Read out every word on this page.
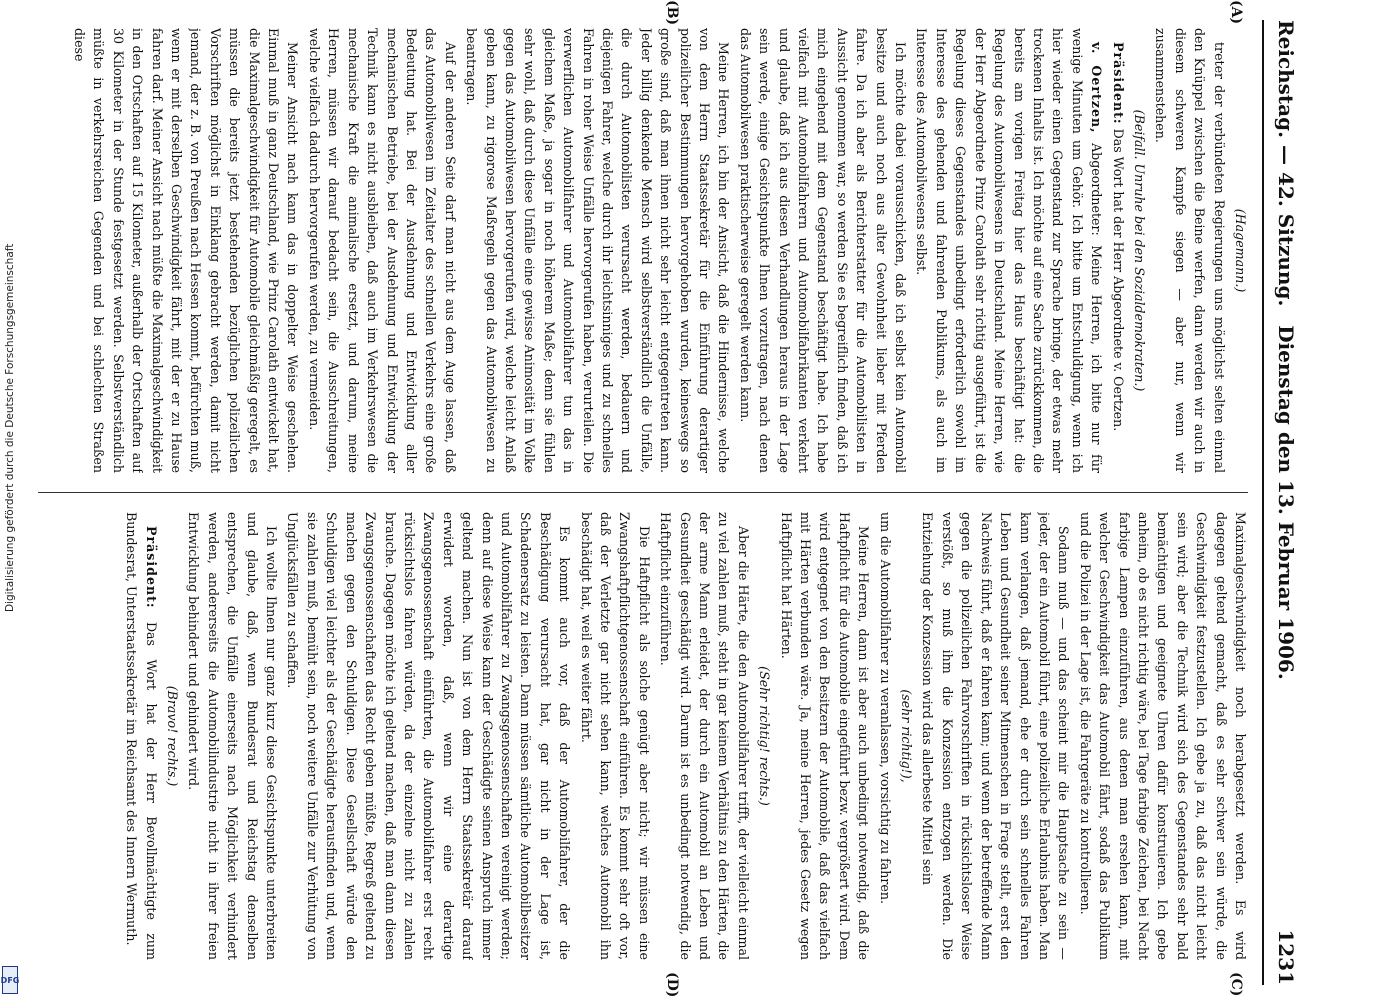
Reichstag. — 42. Sitzung.
Dienstag den 13. Februar 1906.
1231
(A)
(B)
(C)
(D)

(Hagemann.)

treter der verbündeten Regierungen uns möglichst selten einmal den Knüppel zwischen die Beine werfen, dann werden wir auch in diesem schweren Kampfe siegen — aber nur, wenn wir zusammenstehen.

(Beifall. Unruhe bei den Sozialdemokraten.)

Präsident: Das Wort hat der Herr Abgeordnete v. Oertzen.

v. Oertzen, Abgeordneter: Meine Herren, ich bitte nur für wenige Minuten um Gehör. Ich bitte um Entschuldigung, wenn ich hier wieder einen Gegenstand zur Sprache bringe, der etwas mehr trockenen Inhalts ist. Ich möchte auf eine Sache zurückkommen, die bereits am vorigen Freitag hier das Haus beschäftigt hat: die Regelung des Automobilwesens in Deutschland. Meine Herren, wie der Herr Abgeordnete Prinz Carolath sehr richtig ausgeführt, ist die Regelung dieses Gegenstandes unbedingt erforderlich sowohl im Interesse des gehenden und fahrenden Publikums, als auch im Interesse des Automobilwesens selbst.

Ich möchte dabei vorausschicken, daß ich selbst kein Automobil besitze und auch noch aus alter Gewohnheit lieber mit Pferden fahre. Da ich aber als Berichterstatter für die Automobilisten in Aussicht genommen war, so werden Sie es begreiflich finden, daß ich mich eingehend mit dem Gegenstand beschäftigt habe. Ich habe vielfach mit Automobilfahrern und Automobilfabrikanten verkehrt und glaube, daß ich aus diesen Verhandlungen heraus in der Lage sein werde, einige Gesichtspunkte Ihnen vorzutragen, nach denen das Automobilwesen praktischerweise geregelt werden kann.

Meine Herren, ich bin der Ansicht, daß die Hindernisse, welche von dem Herrn Staatssekretär für die Einführung derartiger polizeilicher Bestimmungen hervorgehoben wurden, keineswegs so große sind, daß man ihnen nicht sehr leicht entgegentreten kann. Jeder billig denkende Mensch wird selbstverständlich die Unfälle, die durch Automobilisten verursacht werden, bedauern und diejenigen Fahrer, welche durch ihr leichtsinniges und zu schnelles Fahren in roher Weise Unfälle hervorgerufen haben, verurteilen. Die verwerflichen Automobilfahrer und Automobilfahrer tun das in gleichem Maße, ja sogar in noch höherem Maße; denn sie fühlen sehr wohl, daß durch diese Unfälle eine gewisse Animosität im Volke gegen das Automobilwesen hervorgerufen wird, welche leicht Anlaß geben kann, zu rigorose Maßregeln gegen das Automobilwesen zu beantragen.

Auf der anderen Seite darf man nicht aus dem Auge lassen, daß das Automobilwesen im Zeitalter des schnellen Verkehrs eine große Bedeutung hat. Bei der Ausdehnung und Entwicklung aller mechanischen Betriebe, bei der Ausdehnung und Entwicklung der Technik kann es nicht ausbleiben, daß auch im Verkehrswesen die mechanische Kraft die animalische ersetzt, und darum, meine Herren, müssen wir darauf bedacht sein, die Ausschreitungen, welche vielfach dadurch hervorgerufen werden, zu vermeiden.

Meiner Ansicht nach kann das in doppelter Weise geschehen. Einmal muß in ganz Deutschland, wie Prinz Carolath entwickelt hat, die Maximalgeschwindigkeit für Automobile gleichmäßig geregelt, es müssen die bereits jetzt bestehenden bezüglichen polizeilichen Vorschriften möglichst in Einklang gebracht werden, damit nicht jemand, der z. B. von Preußen nach Hessen kommt, befürchten muß, wenn er mit derselben Geschwindigkeit fährt, mit der er zu Hause fahren darf. Meiner Ansicht nach müßte die Maximalgeschwindigkeit in den Ortschaften auf 15 Kilometer, außerhalb der Ortschaften auf 30 Kilometer in der Stunde festgesetzt werden. Selbstverständlich müßte in verkehrsreichen Gegenden und bei schlechten Straßen diese

Maximalgeschwindigkeit noch herabgesetzt werden. Es wird dagegen geltend gemacht, daß es sehr schwer sein würde, die Geschwindigkeit festzustellen. Ich gebe ja zu, daß das nicht leicht sein wird; aber die Technik wird sich des Gegenstandes sehr bald bemächtigen und geeignete Uhren dafür konstruieren. Ich gebe anheim, ob es nicht richtig wäre, bei Tage farbige Zeichen, bei Nacht farbige Lampen einzuführen, aus denen man ersehen kann, mit welcher Geschwindigkeit das Automobil fährt, sodaß das Publikum und die Polizei in der Lage ist, die Fahrgeräte zu kontrollieren.

Sodann muß — und das scheint mir die Hauptsache zu sein — jeder, der ein Automobil führt, eine polizeiliche Erlaubnis haben. Man kann verlangen, daß jemand, ehe er durch sein schnelles Fahren Leben und Gesundheit seiner Mitmenschen in Frage stellt, erst den Nachweis führt, daß er fahren kann; und wenn der betreffende Mann gegen die polizeilichen Fahrvorschriften in rücksichtsloser Weise verstößt, so muß ihm die Konzession entzogen werden. Die Entziehung der Konzession wird das allerbeste Mittel sein

(sehr richtig!),

um die Automobilfahrer zu veranlassen, vorsichtig zu fahren.

Meine Herren, dann ist aber auch unbedingt notwendig, daß die Haftpflicht für die Automobile eingeführt bezw. vergrößert wird. Dem wird entgegnet von den Besitzern der Automobile, daß das vielfach mit Härten verbunden wäre. Ja, meine Herren, jedes Gesetz wegen Haftpflicht hat Härten.

(Sehr richtig! rechts.)

Aber die Härte, die den Automobilfahrer trifft, der vielleicht einmal zu viel zahlen muß, steht in gar keinem Verhältnis zu den Härten, die der arme Mann erleidet, der durch ein Automobil an Leben und Gesundheit geschädigt wird. Darum ist es unbedingt notwendig, die Haftpflicht einzuführen.

Die Haftpflicht als solche genügt aber nicht; wir müssen eine Zwangshaftpflichtgenossenschaft einführen. Es kommt sehr oft vor, daß der Verletzte gar nicht sehen kann, welches Automobil ihn beschädigt hat, weil es weiter fährt.

Es kommt auch vor, daß der Automobilfahrer, der die Beschädigung verursacht hat, gar nicht in der Lage ist, Schadenersatz zu leisten. Dann müssen sämtliche Automobilbesitzer und Automobilfahrer zu Zwangsgenossenschaften vereinigt werden; denn auf diese Weise kann der Geschädigte seinen Anspruch immer geltend machen. Nun ist von dem Herrn Staatssekretär darauf erwidert worden, daß, wenn wir eine derartige Zwangsgenossenschaft einführten, die Automobilfahrer erst recht rücksichtslos fahren würden, da der einzelne nicht zu zahlen brauche. Dagegen möchte ich geltend machen, daß man dann diesen Zwangsgenossenschaften das Recht geben müßte, Regreß geltend zu machen gegen den Schuldigen. Diese Gesellschaft würde den Schuldigen viel leichter als der Geschädigte herausfinden und, wenn sie zahlen muß, bemüht sein, noch weitere Unfälle zur Verhütung von Unglücksfällen zu schaffen.

Ich wollte Ihnen nur ganz kurz diese Gesichtspunkte unterbreiten und glaube, daß, wenn Bundesrat und Reichstag denselben entsprechen, die Unfälle einerseits nach Möglichkeit verhindert werden, andererseits die Automobilindustrie nicht in ihrer freien Entwicklung behindert und gehindert wird.

(Bravo! rechts.)

Präsident: Das Wort hat der Herr Bevollmächtigte zum Bundesrat, Unterstaatssekretär im Reichsamt des Innern Wermuth.

Digitalisierung gefördert durch die Deutsche Forschungsgemeinschaft
DFG
